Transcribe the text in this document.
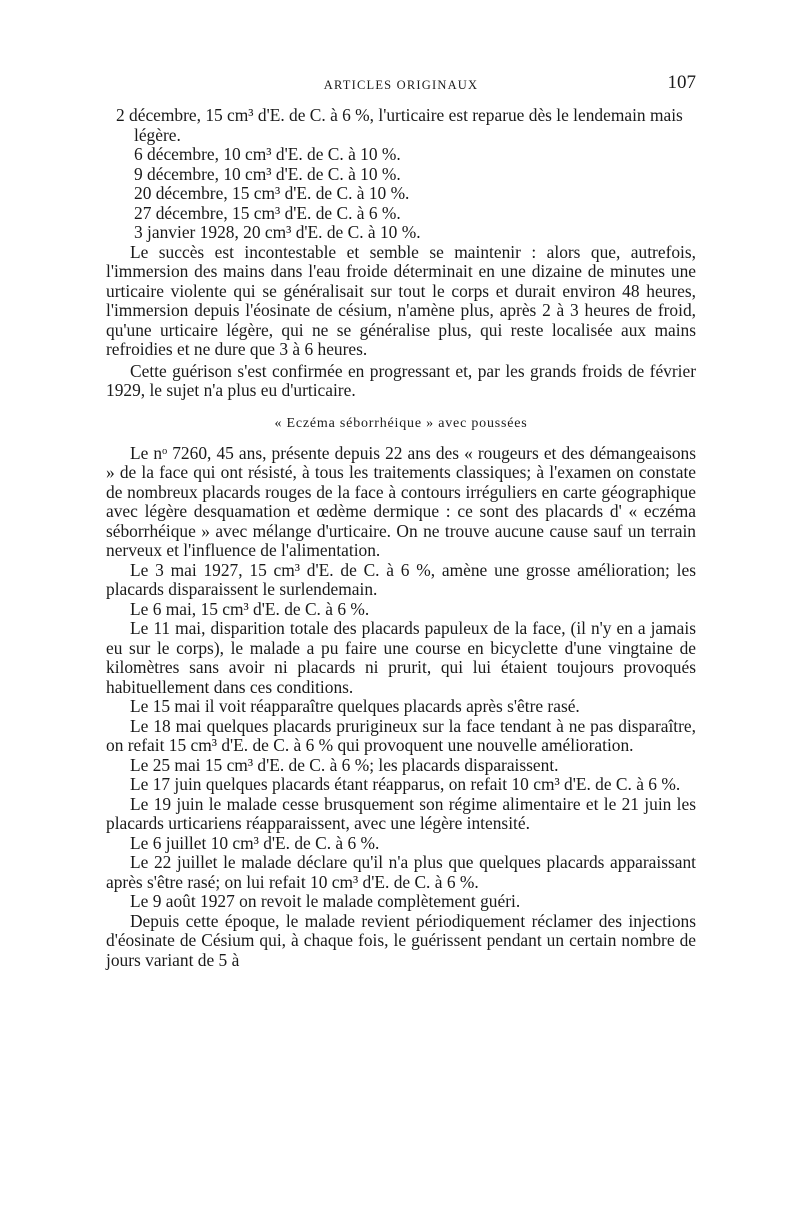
ARTICLES ORIGINAUX	107
2 décembre, 15 cm³ d'E. de C. à 6 %, l'urticaire est reparue dès le lendemain mais légère.
6 décembre, 10 cm³ d'E. de C. à 10 %.
9 décembre, 10 cm³ d'E. de C. à 10 %.
20 décembre, 15 cm³ d'E. de C. à 10 %.
27 décembre, 15 cm³ d'E. de C. à 6 %.
3 janvier 1928, 20 cm³ d'E. de C. à 10 %.

Le succès est incontestable et semble se maintenir : alors que, autrefois, l'immersion des mains dans l'eau froide déterminait en une dizaine de minutes une urticaire violente qui se généralisait sur tout le corps et durait environ 48 heures, l'immersion depuis l'éosinate de césium, n'amène plus, après 2 à 3 heures de froid, qu'une urticaire légère, qui ne se généralise plus, qui reste localisée aux mains refroidies et ne dure que 3 à 6 heures.

Cette guérison s'est confirmée en progressant et, par les grands froids de février 1929, le sujet n'a plus eu d'urticaire.

« Eczéma séborrhéique » avec poussées

Le nᵒ 7260, 45 ans, présente depuis 22 ans des « rougeurs et des démangeaisons » de la face qui ont résisté, à tous les traitements classiques; à l'examen on constate de nombreux placards rouges de la face à contours irréguliers en carte géographique avec légère desquamation et œdème dermique : ce sont des placards d' « eczéma séborrhéique » avec mélange d'urticaire. On ne trouve aucune cause sauf un terrain nerveux et l'influence de l'alimentation.

Le 3 mai 1927, 15 cm³ d'E. de C. à 6 %, amène une grosse amélioration; les placards disparaissent le surlendemain.

Le 6 mai, 15 cm³ d'E. de C. à 6 %.

Le 11 mai, disparition totale des placards papuleux de la face, (il n'y en a jamais eu sur le corps), le malade a pu faire une course en bicyclette d'une vingtaine de kilomètres sans avoir ni placards ni prurit, qui lui étaient toujours provoqués habituellement dans ces conditions.

Le 15 mai il voit réapparaître quelques placards après s'être rasé.

Le 18 mai quelques placards prurigineux sur la face tendant à ne pas disparaître, on refait 15 cm³ d'E. de C. à 6 % qui provoquent une nouvelle amélioration.

Le 25 mai 15 cm³ d'E. de C. à 6 %; les placards disparaissent.

Le 17 juin quelques placards étant réapparus, on refait 10 cm³ d'E. de C. à 6 %.

Le 19 juin le malade cesse brusquement son régime alimentaire et le 21 juin les placards urticariens réapparaissent, avec une légère intensité.

Le 6 juillet 10 cm³ d'E. de C. à 6 %.

Le 22 juillet le malade déclare qu'il n'a plus que quelques placards apparaissant après s'être rasé; on lui refait 10 cm³ d'E. de C. à 6 %.

Le 9 août 1927 on revoit le malade complètement guéri.

Depuis cette époque, le malade revient périodiquement réclamer des injections d'éosinate de Césium qui, à chaque fois, le guérissent pendant un certain nombre de jours variant de 5 à
